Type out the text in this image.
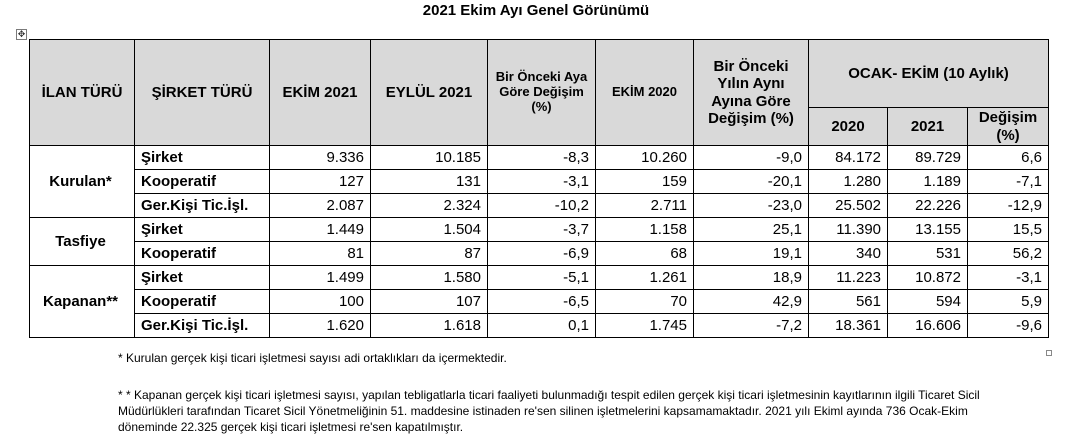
2021 Ekim Ayı Genel Görünümü
✥
İLAN TÜRÜ	ŞİRKET TÜRÜ	EKİM 2021	EYLÜL 2021	Bir Önceki Aya Göre Değişim (%)	EKİM 2020	Bir Önceki Yılın Aynı Ayına Göre Değişim (%)	OCAK- EKİM (10 Aylık)		
							2020	2021	Değişim (%)
Kurulan*	Şirket	9.336	10.185	-8,3	10.260	-9,0	84.172	89.729	6,6
	Kooperatif	127	131	-3,1	159	-20,1	1.280	1.189	-7,1
	Ger.Kişi Tic.İşl.	2.087	2.324	-10,2	2.711	-23,0	25.502	22.226	-12,9
Tasfiye	Şirket	1.449	1.504	-3,7	1.158	25,1	11.390	13.155	15,5
	Kooperatif	81	87	-6,9	68	19,1	340	531	56,2
Kapanan**	Şirket	1.499	1.580	-5,1	1.261	18,9	11.223	10.872	-3,1
	Kooperatif	100	107	-6,5	70	42,9	561	594	5,9
	Ger.Kişi Tic.İşl.	1.620	1.618	0,1	1.745	-7,2	18.361	16.606	-9,6
* Kurulan gerçek kişi ticari işletmesi sayısı adi ortaklıkları da içermektedir.
* * Kapanan gerçek kişi ticari işletmesi sayısı, yapılan tebligatlarla ticari faaliyeti bulunmadığı tespit edilen gerçek kişi ticari işletmesinin kayıtlarının ilgili Ticaret Sicil Müdürlükleri tarafından Ticaret Sicil Yönetmeliğinin 51. maddesine istinaden re'sen silinen işletmelerini kapsamamaktadır. 2021 yılı Ekiml ayında 736 Ocak-Ekim döneminde 22.325 gerçek kişi ticari işletmesi re'sen kapatılmıştır.
